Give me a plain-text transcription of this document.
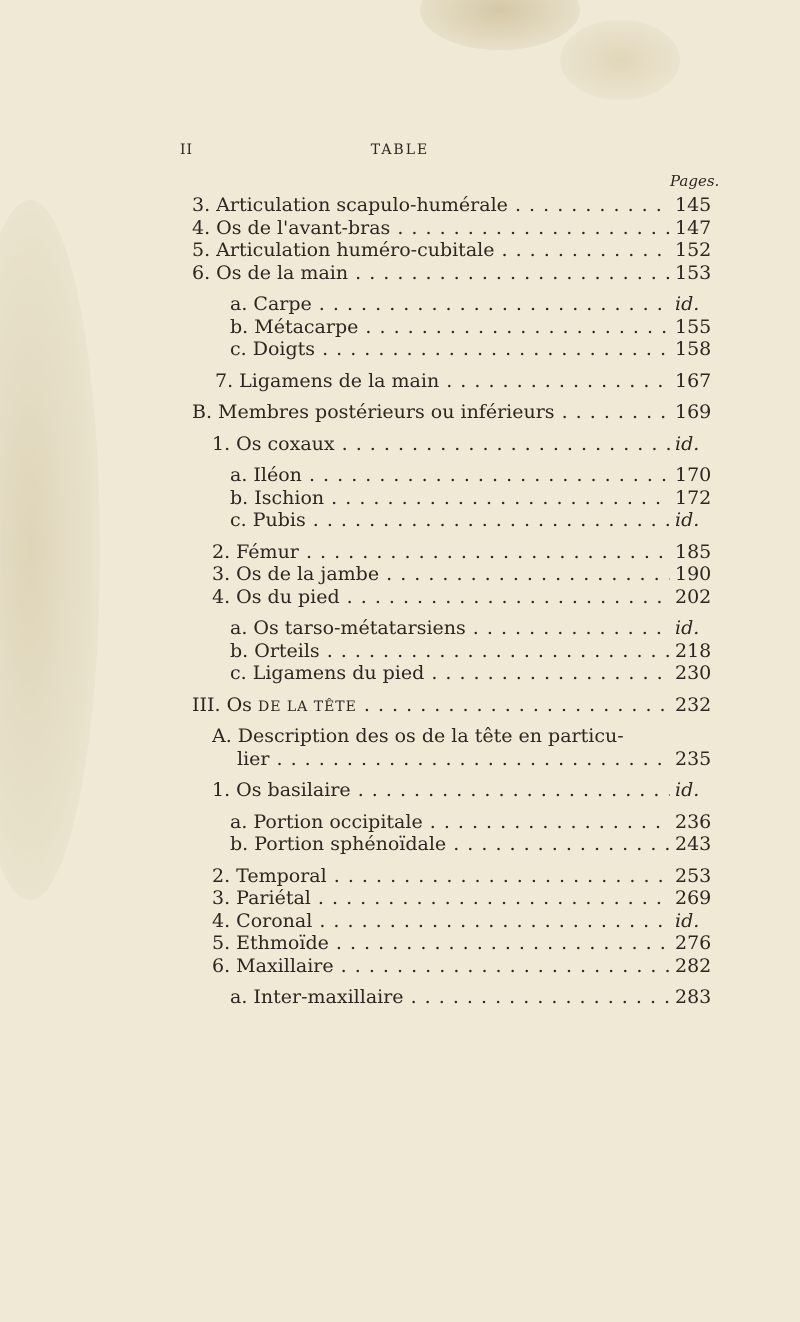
II	TABLE
Pages.
3. Articulation scapulo-humérale . . .	145
4. Os de l'avant-bras . . .	147
5. Articulation huméro-cubitale . . .	152
6. Os de la main . . .	153
a. Carpe . . .	id.
b. Métacarpe . . .	155
c. Doigts . . .	158
7. Ligamens de la main . . .	167
B. Membres postérieurs ou inférieurs . . .	169
1. Os coxaux . . .	id.
a. Iléon . . .	170
b. Ischion . . .	172
c. Pubis . . .	id.
2. Fémur . . .	185
3. Os de la jambe . . .	190
4. Os du pied . . .	202
a. Os tarso-métatarsiens . . .	id.
b. Orteils . . .	218
c. Ligamens du pied . . .	230
III. Os DE LA TÊTE . . .	232
A. Description des os de la tête en particu-
lier . . .	235
1. Os basilaire . . .	id.
a. Portion occipitale . . .	236
b. Portion sphénoïdale . . .	243
2. Temporal . . .	253
3. Pariétal . . .	269
4. Coronal . . .	id.
5. Ethmoïde . . .	276
6. Maxillaire . . .	282
a. Inter-maxillaire . . .	283
